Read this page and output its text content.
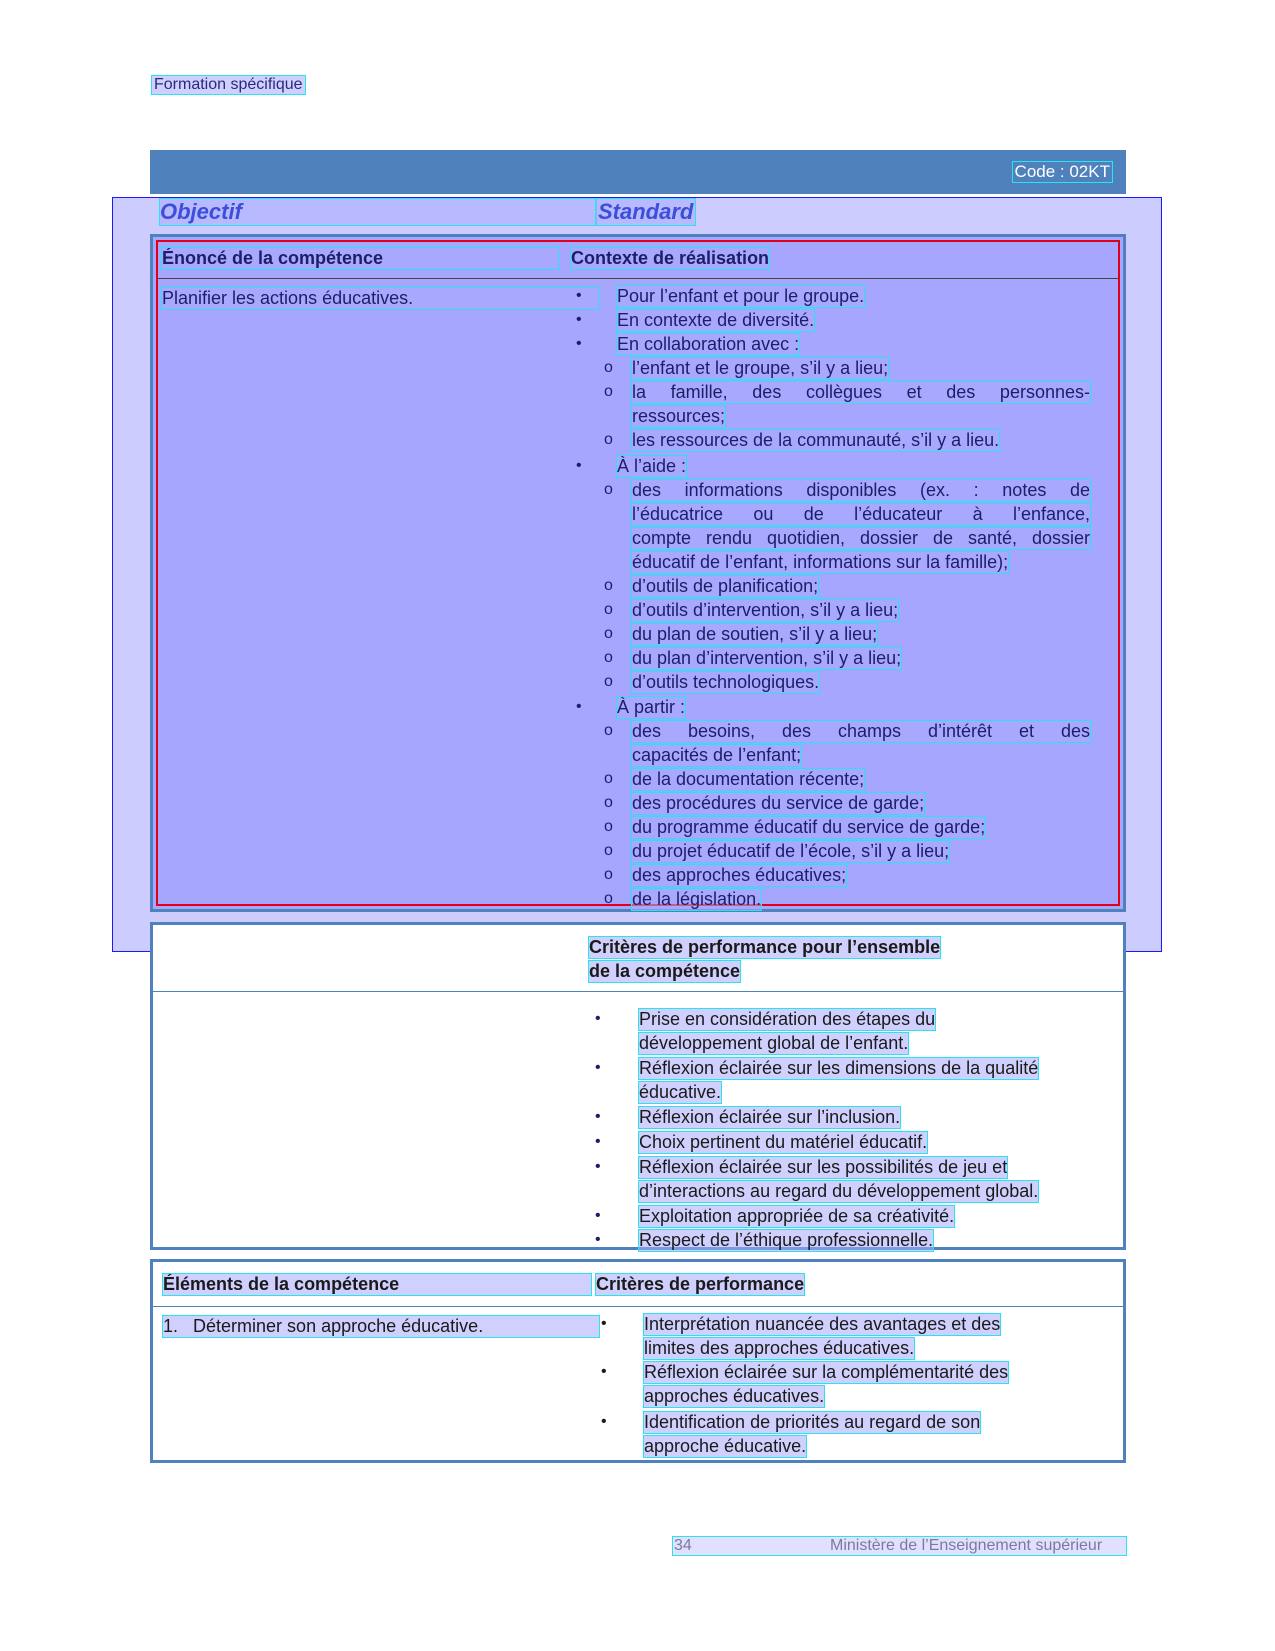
Formation spécifique
Code : 02KT
Objectif	Standard
Énoncé de la compétence	Contexte de réalisation
Planifier les actions éducatives.	• Pour l’enfant et pour le groupe.
• En contexte de diversité.
• En collaboration avec :
o l’enfant et le groupe, s’il y a lieu;
o la famille, des collègues et des personnes-
ressources;
o les ressources de la communauté, s’il y a lieu.
• À l’aide :
o des informations disponibles (ex. : notes de
l’éducatrice ou de l’éducateur à l’enfance,
compte rendu quotidien, dossier de santé, dossier
éducatif de l’enfant, informations sur la famille);
o d’outils de planification;
o d’outils d’intervention, s’il y a lieu;
o du plan de soutien, s’il y a lieu;
o du plan d’intervention, s’il y a lieu;
o d’outils technologiques.
• À partir :
o des besoins, des champs d’intérêt et des
capacités de l’enfant;
o de la documentation récente;
o des procédures du service de garde;
o du programme éducatif du service de garde;
o du projet éducatif de l’école, s’il y a lieu;
o des approches éducatives;
o de la législation.
Critères de performance pour l’ensemble
de la compétence
• Prise en considération des étapes du
développement global de l’enfant.
• Réflexion éclairée sur les dimensions de la qualité
éducative.
• Réflexion éclairée sur l’inclusion.
• Choix pertinent du matériel éducatif.
• Réflexion éclairée sur les possibilités de jeu et
d’interactions au regard du développement global.
• Exploitation appropriée de sa créativité.
• Respect de l’éthique professionnelle.
Éléments de la compétence	Critères de performance
1. Déterminer son approche éducative.	• Interprétation nuancée des avantages et des
limites des approches éducatives.
• Réflexion éclairée sur la complémentarité des
approches éducatives.
• Identification de priorités au regard de son
approche éducative.
34	Ministère de l’Enseignement supérieur
